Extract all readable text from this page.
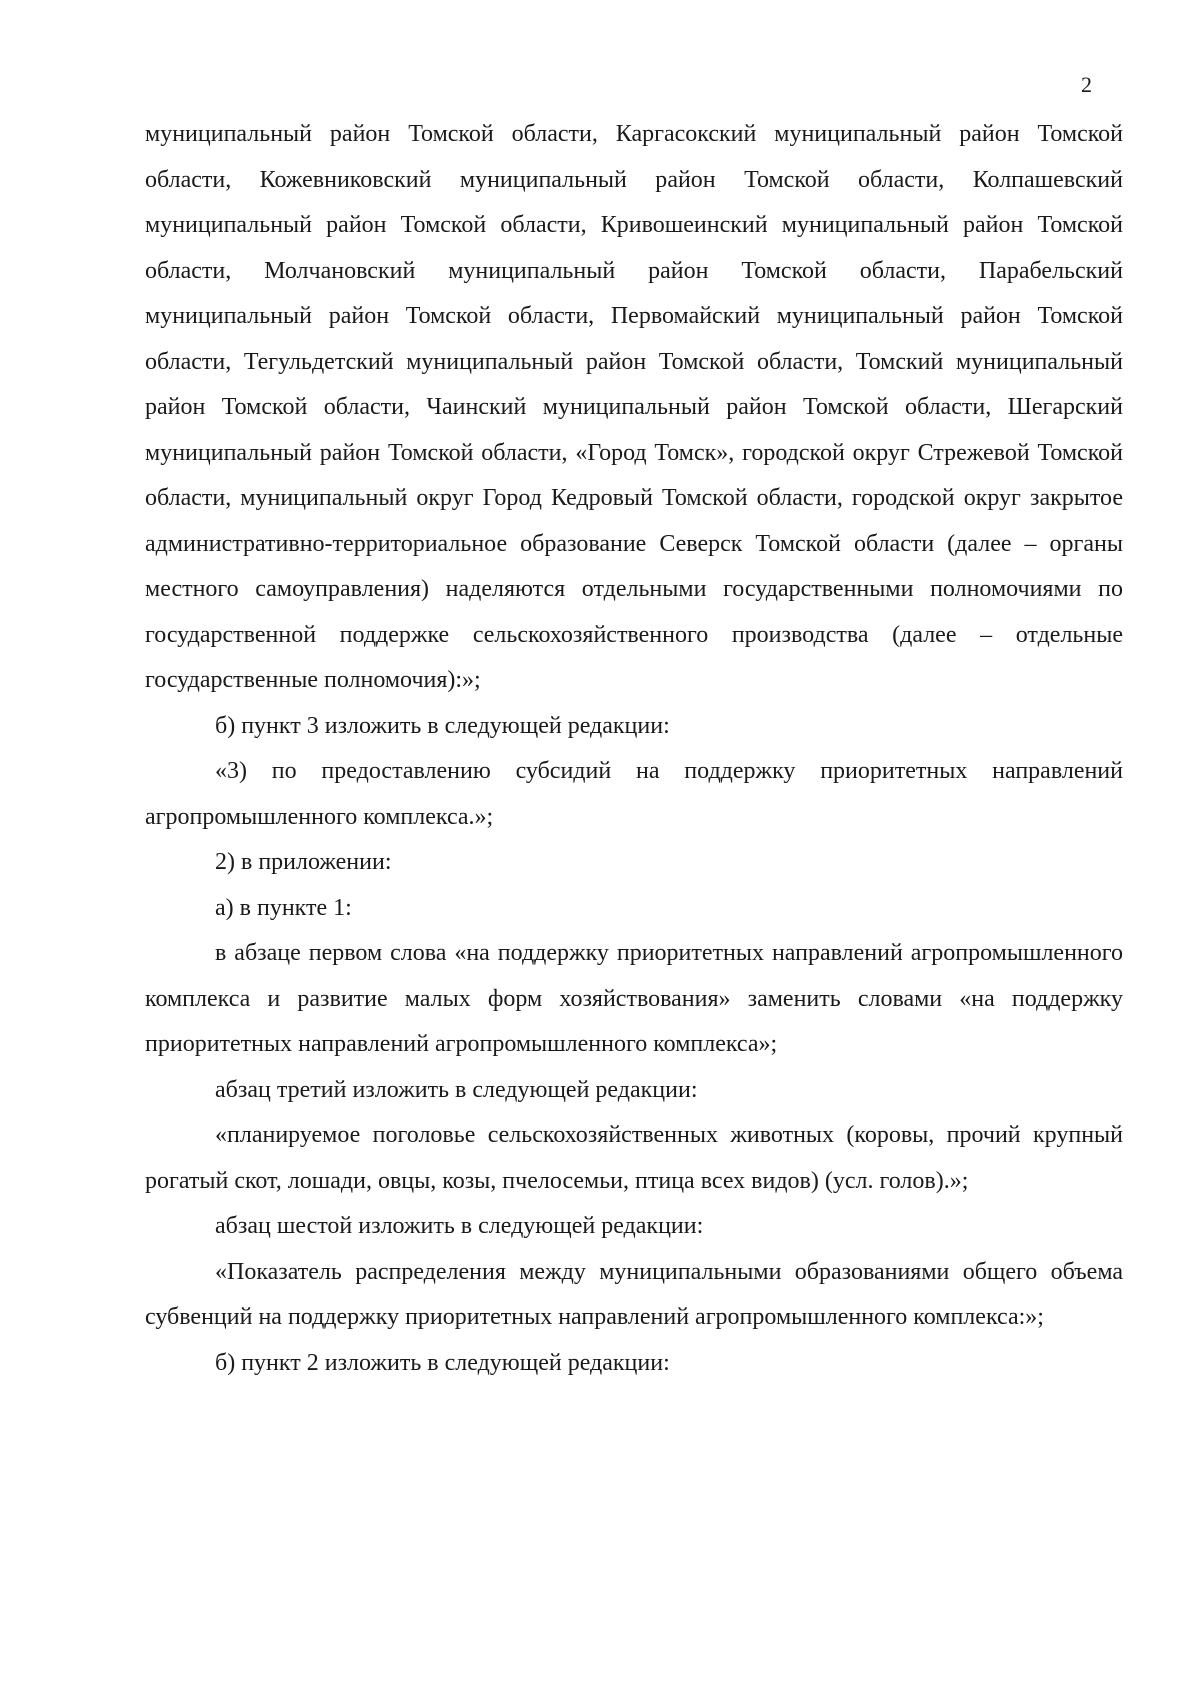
2

муниципальный район Томской области, Каргасокский муниципальный район Томской области, Кожевниковский муниципальный район Томской области, Колпашевский муниципальный район Томской области, Кривошеинский муниципальный район Томской области, Молчановский муниципальный район Томской области, Парабельский муниципальный район Томской области, Первомайский муниципальный район Томской области, Тегульдетский муниципальный район Томской области, Томский муниципальный район Томской области, Чаинский муниципальный район Томской области, Шегарский муниципальный район Томской области, «Город Томск», городской округ Стрежевой Томской области, муниципальный округ Город Кедровый Томской области, городской округ закрытое административно-территориальное образование Северск Томской области (далее – органы местного самоуправления) наделяются отдельными государственными полномочиями по государственной поддержке сельскохозяйственного производства (далее – отдельные государственные полномочия):»;

б) пункт 3 изложить в следующей редакции:

«3) по предоставлению субсидий на поддержку приоритетных направлений агропромышленного комплекса.»;

2) в приложении:

а) в пункте 1:

в абзаце первом слова «на поддержку приоритетных направлений агропромышленного комплекса и развитие малых форм хозяйствования» заменить словами «на поддержку приоритетных направлений агропромышленного комплекса»;

абзац третий изложить в следующей редакции:

«планируемое поголовье сельскохозяйственных животных (коровы, прочий крупный рогатый скот, лошади, овцы, козы, пчелосемьи, птица всех видов) (усл. голов).»;

абзац шестой изложить в следующей редакции:

«Показатель распределения между муниципальными образованиями общего объема субвенций на поддержку приоритетных направлений агропромышленного комплекса:»;

б) пункт 2 изложить в следующей редакции:
